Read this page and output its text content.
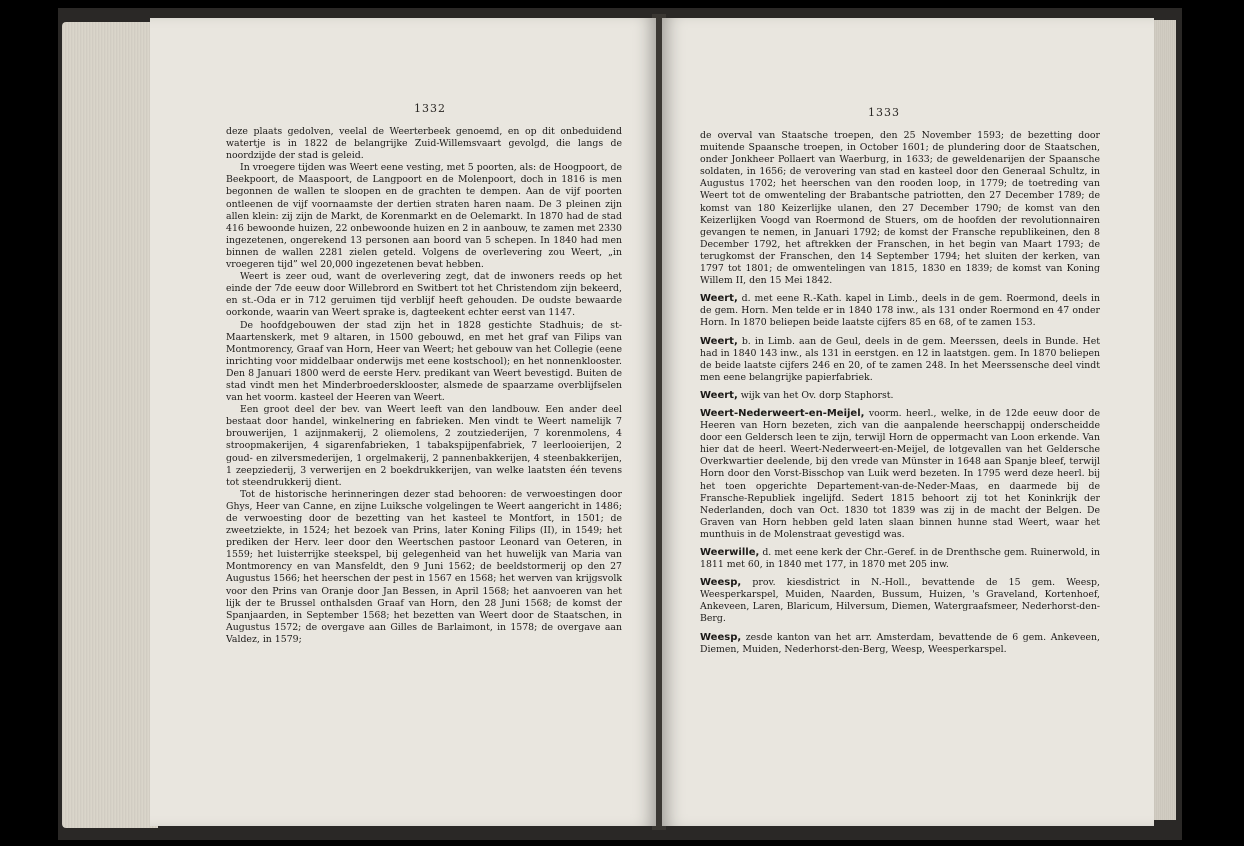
1332

deze plaats gedolven, veelal de Weerterbeek genoemd, en op dit onbeduidend watertje is in 1822 de belangrijke Zuid-Willemsvaart gevolgd, die langs de noordzijde der stad is geleid.

In vroegere tijden was Weert eene vesting, met 5 poorten, als: de Hoogpoort, de Beekpoort, de Maaspoort, de Langpoort en de Molenpoort, doch in 1816 is men begonnen de wallen te sloopen en de grachten te dempen. Aan de vijf poorten ontleenen de vijf voornaamste der dertien straten haren naam. De 3 pleinen zijn allen klein: zij zijn de Markt, de Korenmarkt en de Oelemarkt. In 1870 had de stad 416 bewoonde huizen, 22 onbewoonde huizen en 2 in aanbouw, te zamen met 2330 ingezetenen, ongerekend 13 personen aan boord van 5 schepen. In 1840 had men binnen de wallen 2281 zielen geteld. Volgens de overlevering zou Weert, „in vroegeren tijd” wel 20,000 ingezetenen bevat hebben.

Weert is zeer oud, want de overlevering zegt, dat de inwoners reeds op het einde der 7de eeuw door Willebrord en Switbert tot het Christendom zijn bekeerd, en st.-Oda er in 712 geruimen tijd verblijf heeft gehouden. De oudste bewaarde oorkonde, waarin van Weert sprake is, dagteekent echter eerst van 1147.

De hoofdgebouwen der stad zijn het in 1828 gestichte Stadhuis; de st-Maartenskerk, met 9 altaren, in 1500 gebouwd, en met het graf van Filips van Montmorency, Graaf van Horn, Heer van Weert; het gebouw van het Collegie (eene inrichting voor middelbaar onderwijs met eene kostschool); en het nonnenklooster. Den 8 Januari 1800 werd de eerste Herv. predikant van Weert bevestigd. Buiten de stad vindt men het Minderbroedersklooster, alsmede de spaarzame overblijfselen van het voorm. kasteel der Heeren van Weert.

Een groot deel der bev. van Weert leeft van den landbouw. Een ander deel bestaat door handel, winkelnering en fabrieken. Men vindt te Weert namelijk 7 brouwerijen, 1 azijnmakerij, 2 oliemolens, 2 zoutziederijen, 7 korenmolens, 4 stroopmakerijen, 4 sigarenfabrieken, 1 tabakspijpenfabriek, 7 leerlooierijen, 2 goud- en zilversmederijen, 1 orgelmakerij, 2 pannenbakkerijen, 4 steenbakkerijen, 1 zeepziederij, 3 verwerijen en 2 boekdrukkerijen, van welke laatsten één tevens tot steendrukkerij dient.

Tot de historische herinneringen dezer stad behooren: de verwoestingen door Ghys, Heer van Canne, en zijne Luiksche volgelingen te Weert aangericht in 1486; de verwoesting door de bezetting van het kasteel te Montfort, in 1501; de zweetziekte, in 1524; het bezoek van Prins, later Koning Filips (II), in 1549; het prediken der Herv. leer door den Weertschen pastoor Leonard van Oeteren, in 1559; het luisterrijke steekspel, bij gelegenheid van het huwelijk van Maria van Montmorency en van Mansfeldt, den 9 Juni 1562; de beeldstormerij op den 27 Augustus 1566; het heerschen der pest in 1567 en 1568; het werven van krijgsvolk voor den Prins van Oranje door Jan Bessen, in April 1568; het aanvoeren van het lijk der te Brussel onthalsden Graaf van Horn, den 28 Juni 1568; de komst der Spanjaarden, in September 1568; het bezetten van Weert door de Staatschen, in Augustus 1572; de overgave aan Gilles de Barlaimont, in 1578; de overgave aan Valdez, in 1579;

1333

de overval van Staatsche troepen, den 25 November 1593; de bezetting door muitende Spaansche troepen, in October 1601; de plundering door de Staatschen, onder Jonkheer Pollaert van Waerburg, in 1633; de geweldenarijen der Spaansche soldaten, in 1656; de verovering van stad en kasteel door den Generaal Schultz, in Augustus 1702; het heerschen van den rooden loop, in 1779; de toetreding van Weert tot de omwenteling der Brabantsche patriotten, den 27 December 1789; de komst van 180 Keizerlijke ulanen, den 27 December 1790; de komst van den Keizerlijken Voogd van Roermond de Stuers, om de hoofden der revolutionnairen gevangen te nemen, in Januari 1792; de komst der Fransche republikeinen, den 8 December 1792, het aftrekken der Franschen, in het begin van Maart 1793; de terugkomst der Franschen, den 14 September 1794; het sluiten der kerken, van 1797 tot 1801; de omwentelingen van 1815, 1830 en 1839; de komst van Koning Willem II, den 15 Mei 1842.

Weert, d. met eene R.-Kath. kapel in Limb., deels in de gem. Roermond, deels in de gem. Horn. Men telde er in 1840 178 inw., als 131 onder Roermond en 47 onder Horn. In 1870 beliepen beide laatste cijfers 85 en 68, of te zamen 153.

Weert, b. in Limb. aan de Geul, deels in de gem. Meerssen, deels in Bunde. Het had in 1840 143 inw., als 131 in eerstgen. en 12 in laatstgen. gem. In 1870 beliepen de beide laatste cijfers 246 en 20, of te zamen 248. In het Meerssensche deel vindt men eene belangrijke papierfabriek.

Weert, wijk van het Ov. dorp Staphorst.

Weert-Nederweert-en-Meijel, voorm. heerl., welke, in de 12de eeuw door de Heeren van Horn bezeten, zich van die aanpalende heerschappij onderscheidde door een Geldersch leen te zijn, terwijl Horn de oppermacht van Loon erkende. Van hier dat de heerl. Weert-Nederweert-en-Meijel, de lotgevallen van het Geldersche Overkwartier deelende, bij den vrede van Münster in 1648 aan Spanje bleef, terwijl Horn door den Vorst-Bisschop van Luik werd bezeten. In 1795 werd deze heerl. bij het toen opgerichte Departement-van-de-Neder-Maas, en daarmede bij de Fransche-Republiek ingelijfd. Sedert 1815 behoort zij tot het Koninkrijk der Nederlanden, doch van Oct. 1830 tot 1839 was zij in de macht der Belgen. De Graven van Horn hebben geld laten slaan binnen hunne stad Weert, waar het munthuis in de Molenstraat gevestigd was.

Weerwille, d. met eene kerk der Chr.-Geref. in de Drenthsche gem. Ruinerwold, in 1811 met 60, in 1840 met 177, in 1870 met 205 inw.

Weesp, prov. kiesdistrict in N.-Holl., bevattende de 15 gem. Weesp, Weesperkarspel, Muiden, Naarden, Bussum, Huizen, 's Graveland, Kortenhoef, Ankeveen, Laren, Blaricum, Hilversum, Diemen, Watergraafsmeer, Nederhorst-den-Berg.

Weesp, zesde kanton van het arr. Amsterdam, bevattende de 6 gem. Ankeveen, Diemen, Muiden, Nederhorst-den-Berg, Weesp, Weesperkarspel.
